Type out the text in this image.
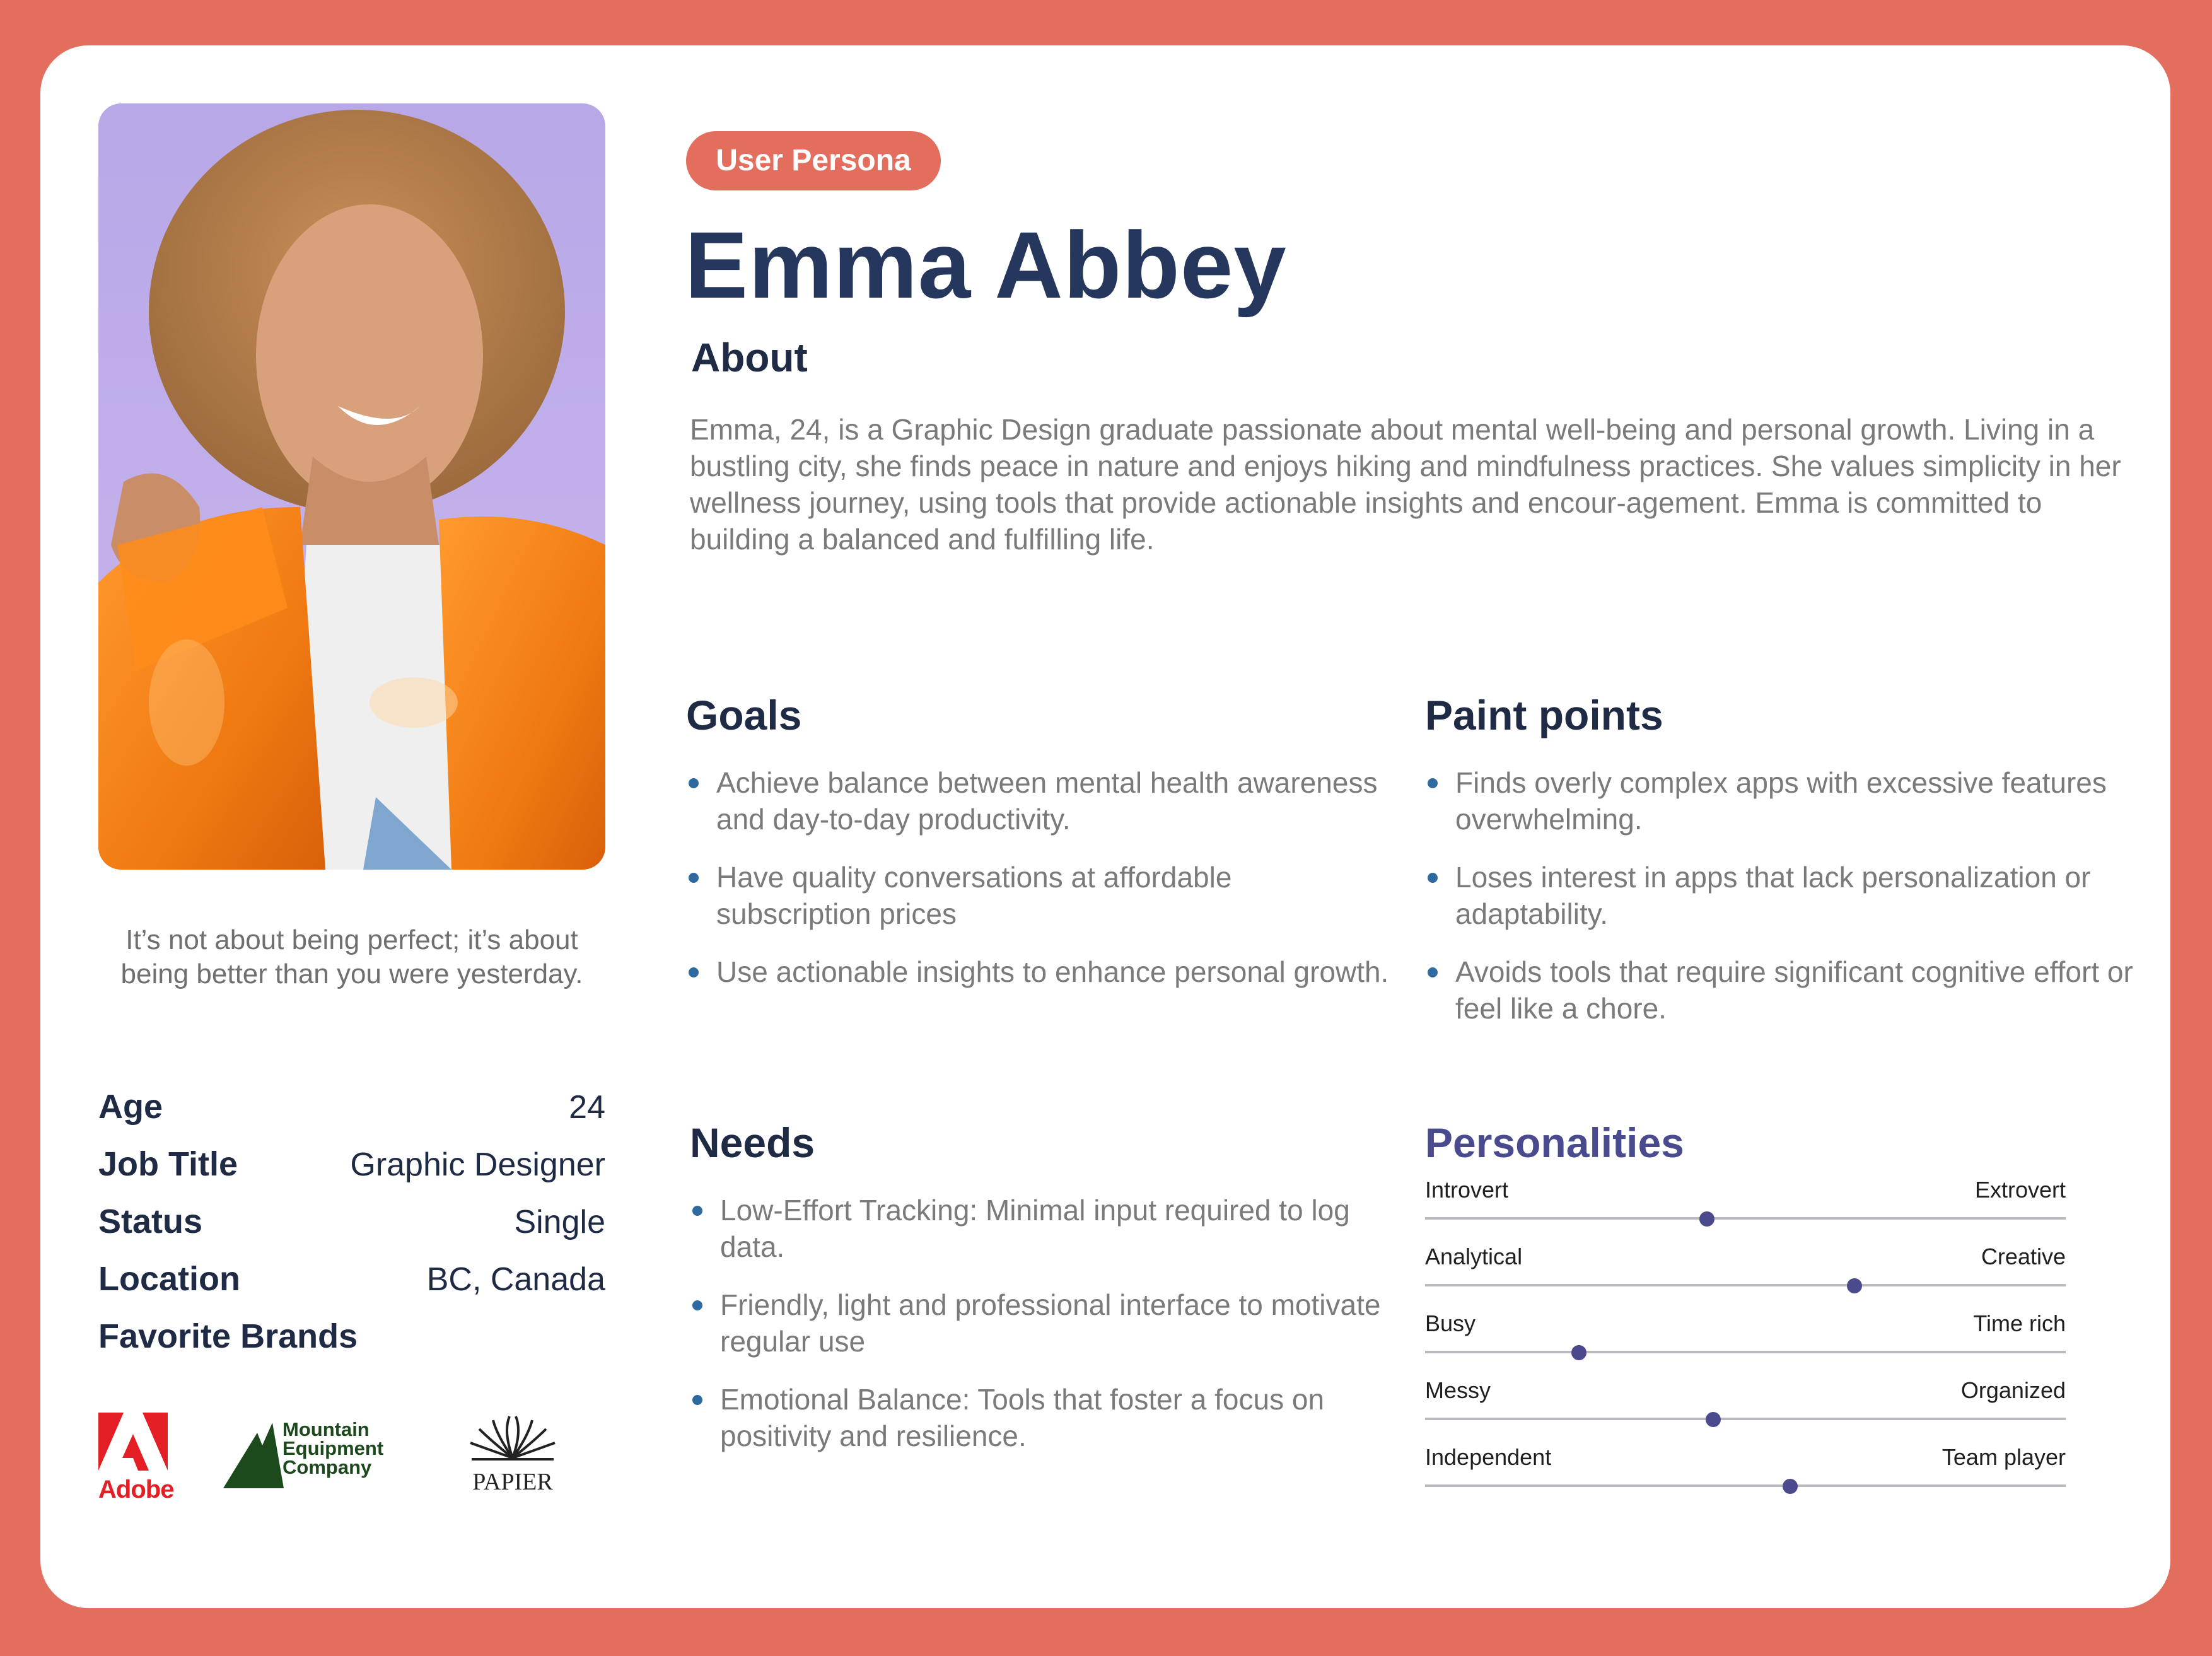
It’s not about being perfect; it’s about being better than you were yesterday.
Age	24
Job Title	Graphic Designer
Status	Single
Location	BC, Canada
Favorite Brands
Adobe
Mountain Equipment Company
PAPIER
User Persona
Emma Abbey
About
Emma, 24, is a Graphic Design graduate passionate about mental well-being and personal growth. Living in a bustling city, she finds peace in nature and enjoys hiking and mindfulness practices. She values simplicity in her wellness journey, using tools that provide actionable insights and encour-agement. Emma is committed to building a balanced and fulfilling life.
Goals
Achieve balance between mental health awareness and day-to-day productivity.
Have quality conversations at affordable subscription prices
Use actionable insights to enhance personal growth.
Paint points
Finds overly complex apps with excessive features overwhelming.
Loses interest in apps that lack personalization or adaptability.
Avoids tools that require significant cognitive effort or feel like a chore.
Needs
Low-Effort Tracking: Minimal input required to log data.
Friendly, light and professional interface to motivate regular use
Emotional Balance: Tools that foster a focus on positivity and resilience.
Personalities
Introvert	Extrovert
Analytical	Creative
Busy	Time rich
Messy	Organized
Independent	Team player
